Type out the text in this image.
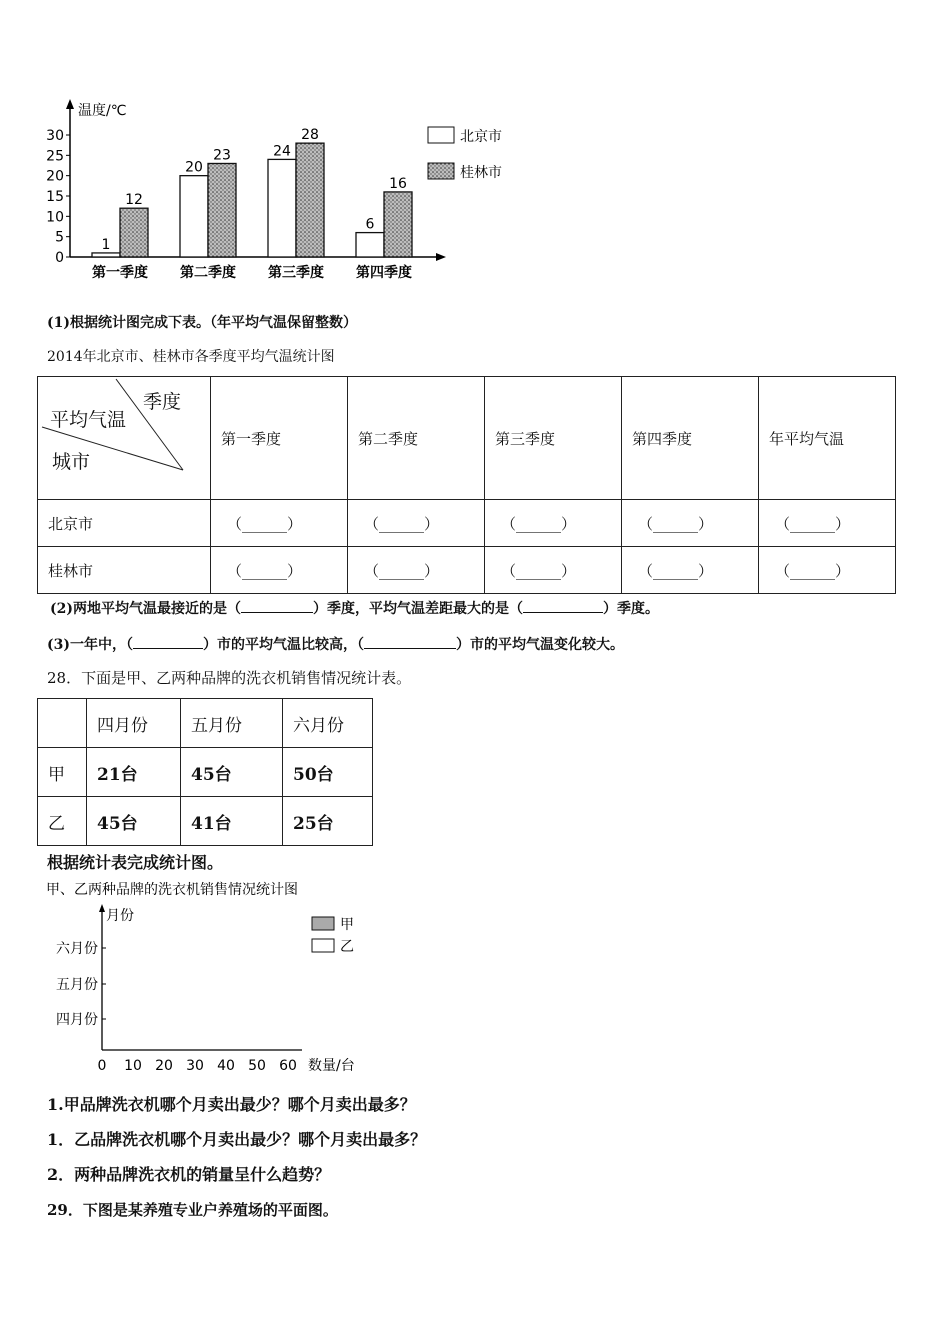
温度/℃
0
5
10
15
20
25
30
1
12
20
23	24
28
6
16
第一季度 第二季度 第三季度 第四季度
北京市
桂林市
(1)根据统计图完成下表。（年平均气温保留整数）
2014年北京市、桂林市各季度平均气温统计图
季度
平均气温
城市	第一季度	第二季度	第三季度	第四季度	年平均气温
北京市	（______）	（______）	（______）	（______）	（______）
桂林市	（______）	（______）	（______）	（______）	（______）
(2)两地平均气温最接近的是（	）季度，平均气温差距最大的是（	）季度。
(3)一年中，（	）市的平均气温比较高，（	）市的平均气温变化较大。
28．下面是甲、乙两种品牌的洗衣机销售情况统计表。
	四月份	五月份	六月份
甲	21台	45台	50台
乙	45台	41台	25台
根据统计表完成统计图。
甲、乙两种品牌的洗衣机销售情况统计图
月份
数量/台
四月份
五月份
六月份
0 10 20 30 40 50 60
甲
乙
1.甲品牌洗衣机哪个月卖出最少？哪个月卖出最多？
1．乙品牌洗衣机哪个月卖出最少？哪个月卖出最多？
2．两种品牌洗衣机的销量呈什么趋势？
29．下图是某养殖专业户养殖场的平面图。
